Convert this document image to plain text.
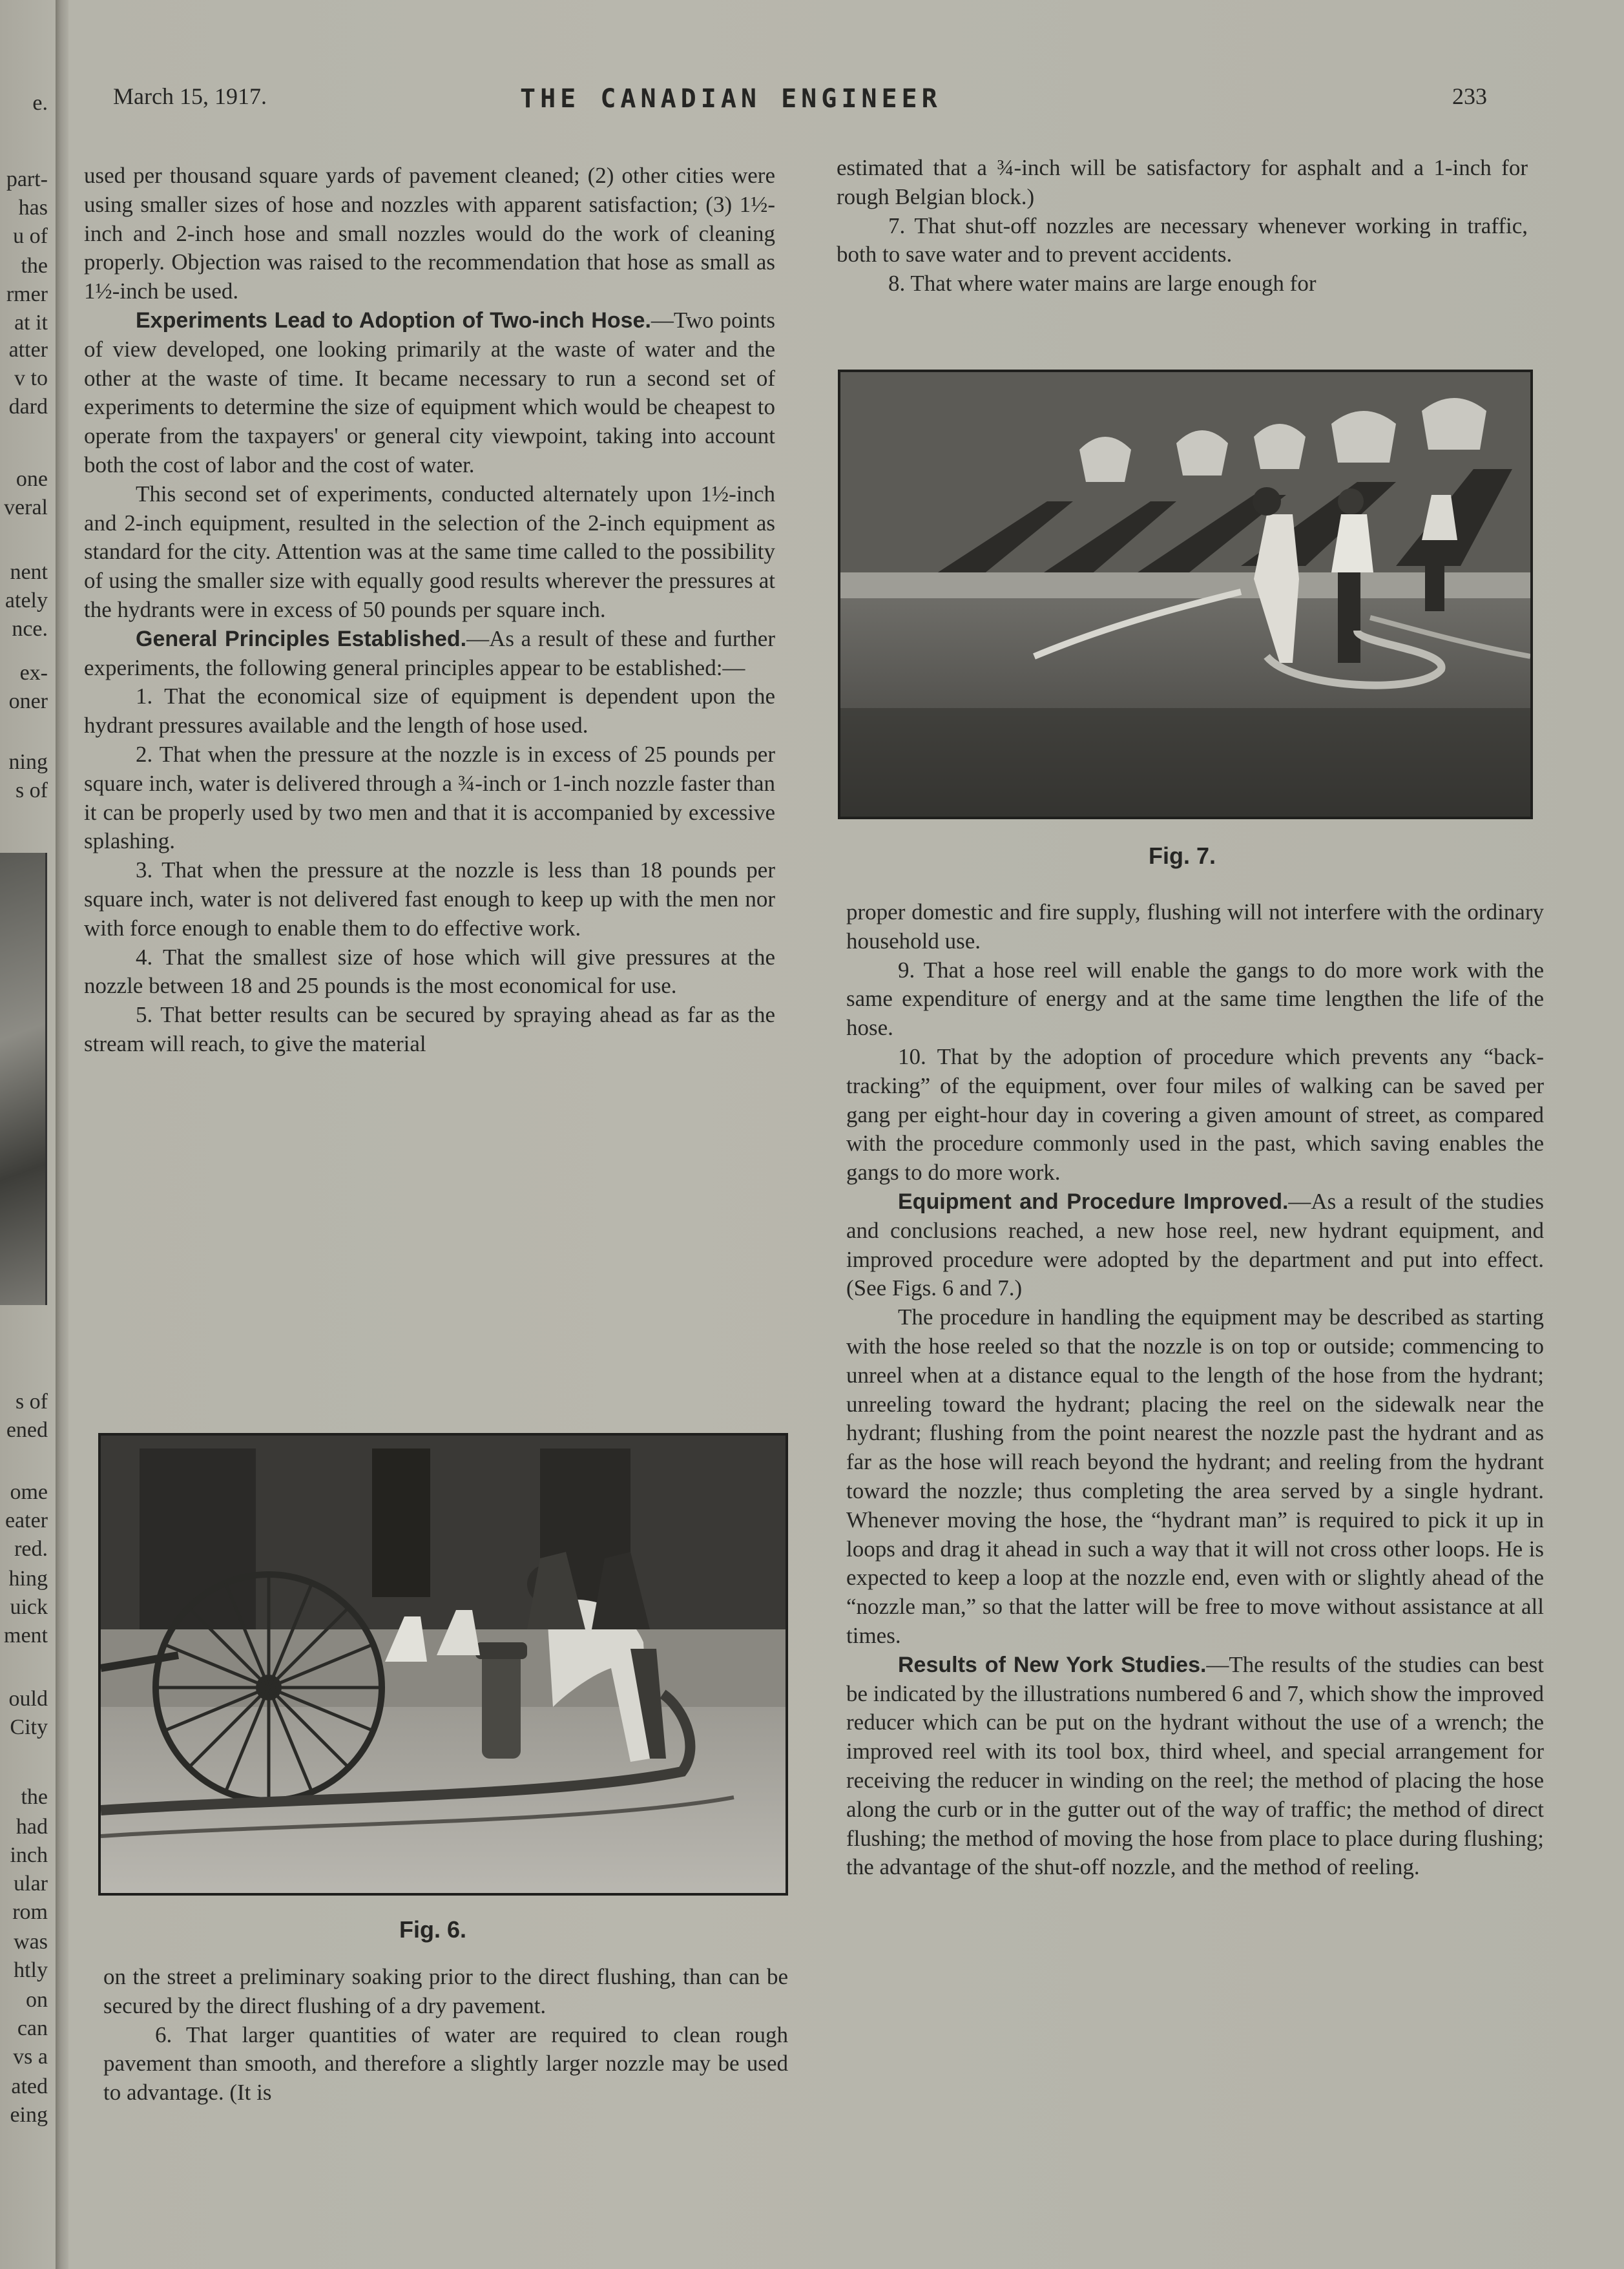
e.
part-
has
u of
the
rmer
at it
atter
v to
dard
one
veral
nent
ately
nce.
ex-
oner
ning
s of
s of
ened
ome
eater
red.
hing
uick
ment
ould
City
the
had
inch
ular
rom
was
htly
on
can
vs a
ated
eing
March 15, 1917.	THE CANADIAN ENGINEER	233

used per thousand square yards of pavement cleaned; (2) other cities were using smaller sizes of hose and nozzles with apparent satisfaction; (3) 1½-inch and 2-inch hose and small nozzles would do the work of cleaning properly. Objection was raised to the recommendation that hose as small as 1½-inch be used.

Experiments Lead to Adoption of Two-inch Hose.—Two points of view developed, one looking primarily at the waste of water and the other at the waste of time. It became necessary to run a second set of experiments to determine the size of equipment which would be cheapest to operate from the taxpayers' or general city viewpoint, taking into account both the cost of labor and the cost of water.

This second set of experiments, conducted alternately upon 1½-inch and 2-inch equipment, resulted in the selection of the 2-inch equipment as standard for the city. Attention was at the same time called to the possibility of using the smaller size with equally good results wherever the pressures at the hydrants were in excess of 50 pounds per square inch.

General Principles Established.—As a result of these and further experiments, the following general principles appear to be established:—

1. That the economical size of equipment is dependent upon the hydrant pressures available and the length of hose used.

2. That when the pressure at the nozzle is in excess of 25 pounds per square inch, water is delivered through a ¾-inch or 1-inch nozzle faster than it can be properly used by two men and that it is accompanied by excessive splashing.

3. That when the pressure at the nozzle is less than 18 pounds per square inch, water is not delivered fast enough to keep up with the men nor with force enough to enable them to do effective work.

4. That the smallest size of hose which will give pressures at the nozzle between 18 and 25 pounds is the most economical for use.

5. That better results can be secured by spraying ahead as far as the stream will reach, to give the material

Fig. 6.

on the street a preliminary soaking prior to the direct flushing, than can be secured by the direct flushing of a dry pavement.

6. That larger quantities of water are required to clean rough pavement than smooth, and therefore a slightly larger nozzle may be used to advantage. (It is

estimated that a ¾-inch will be satisfactory for asphalt and a 1-inch for rough Belgian block.)

7. That shut-off nozzles are necessary whenever working in traffic, both to save water and to prevent accidents.

8. That where water mains are large enough for

Fig. 7.

proper domestic and fire supply, flushing will not interfere with the ordinary household use.

9. That a hose reel will enable the gangs to do more work with the same expenditure of energy and at the same time lengthen the life of the hose.

10. That by the adoption of procedure which prevents any “back-tracking” of the equipment, over four miles of walking can be saved per gang per eight-hour day in covering a given amount of street, as compared with the procedure commonly used in the past, which saving enables the gangs to do more work.

Equipment and Procedure Improved.—As a result of the studies and conclusions reached, a new hose reel, new hydrant equipment, and improved procedure were adopted by the department and put into effect. (See Figs. 6 and 7.)

The procedure in handling the equipment may be described as starting with the hose reeled so that the nozzle is on top or outside; commencing to unreel when at a distance equal to the length of the hose from the hydrant; unreeling toward the hydrant; placing the reel on the sidewalk near the hydrant; flushing from the point nearest the nozzle past the hydrant and as far as the hose will reach beyond the hydrant; and reeling from the hydrant toward the nozzle; thus completing the area served by a single hydrant. Whenever moving the hose, the “hydrant man” is required to pick it up in loops and drag it ahead in such a way that it will not cross other loops. He is expected to keep a loop at the nozzle end, even with or slightly ahead of the “nozzle man,” so that the latter will be free to move without assistance at all times.

Results of New York Studies.—The results of the studies can best be indicated by the illustrations numbered 6 and 7, which show the improved reducer which can be put on the hydrant without the use of a wrench; the improved reel with its tool box, third wheel, and special arrangement for receiving the reducer in winding on the reel; the method of placing the hose along the curb or in the gutter out of the way of traffic; the method of direct flushing; the method of moving the hose from place to place during flushing; the advantage of the shut-off nozzle, and the method of reeling.
